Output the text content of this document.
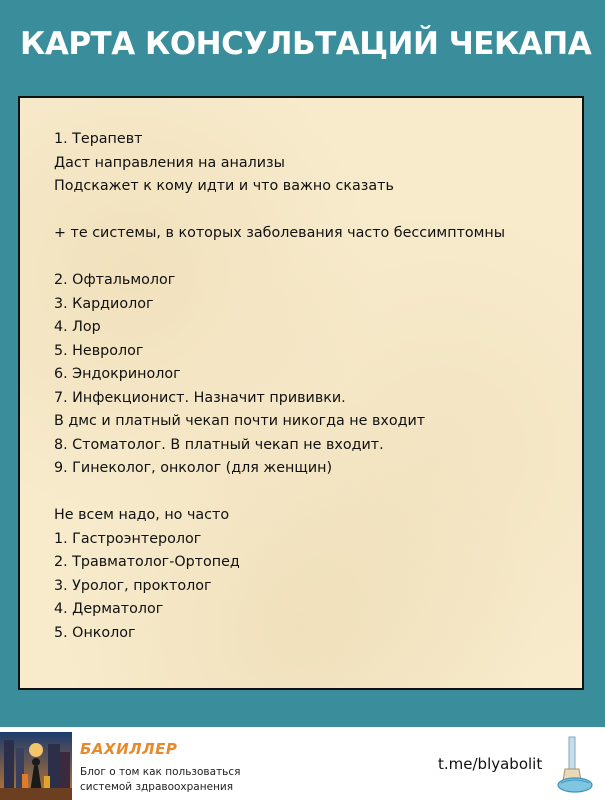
КАРТА КОНСУЛЬТАЦИЙ ЧЕКАПА
1. Терапевт
Даст направления на анализы
Подскажет к кому идти и что важно сказать
+ те системы, в которых заболевания часто бессимптомны
2. Офтальмолог
3. Кардиолог
4. Лор
5. Невролог
6. Эндокринолог
7. Инфекционист. Назначит прививки.
В дмс и платный чекап почти никогда не входит
8. Стоматолог. В платный чекап не входит.
9. Гинеколог, онколог (для женщин)
Не всем надо, но часто
1. Гастроэнтеролог
2. Травматолог-Ортопед
3. Уролог, проктолог
4. Дерматолог
5. Онколог
БАХИЛЛЕР
Блог о том как пользоваться
системой здравоохранения
t.me/blyabolit
